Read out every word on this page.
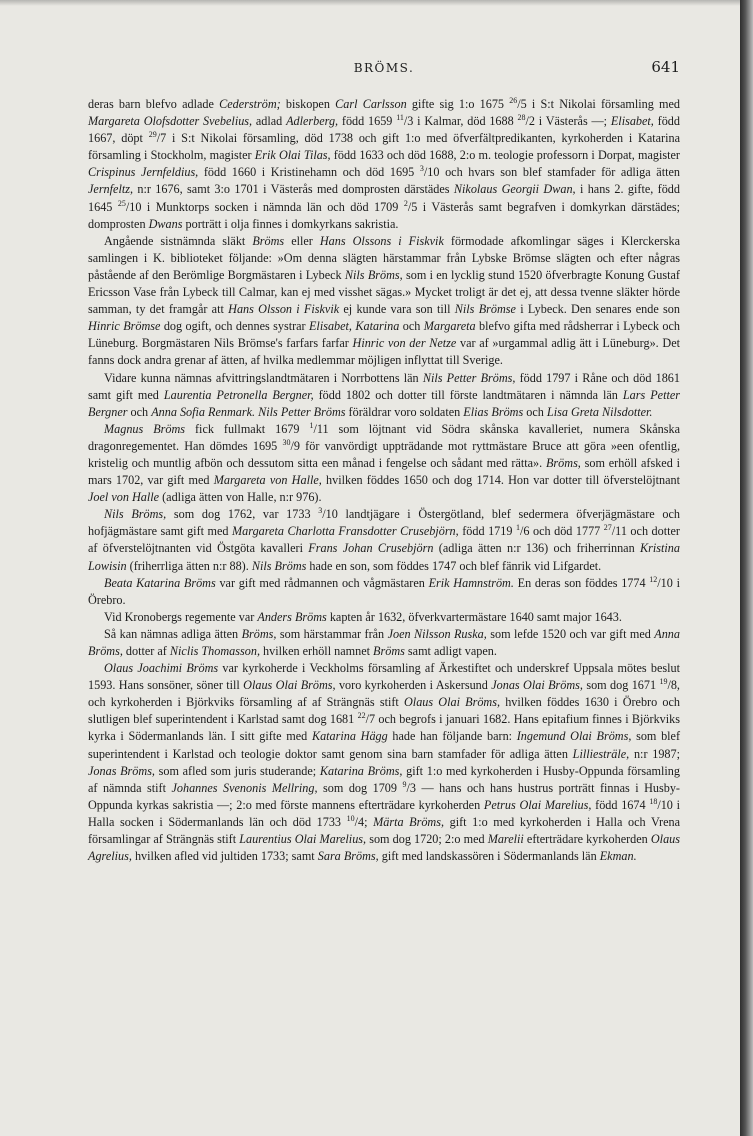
BRÖMS.	641

deras barn blefvo adlade Cederström; biskopen Carl Carlsson gifte sig 1:o 1675 $^{26}$/5 i S:t Nikolai församling med Margareta Olofsdotter Svebelius, adlad Adlerberg, född 1659 $^{11}$/3 i Kalmar, död 1688 $^{28}$/2 i Västerås —; Elisabet, född 1667, döpt $^{29}$/7 i S:t Nikolai församling, död 1738 och gift 1:o med öfverfältpredikanten, kyrkoherden i Katarina församling i Stockholm, magister Erik Olai Tilas, född 1633 och död 1688, 2:o m. teologie professorn i Dorpat, magister Crispinus Jernfeldius, född 1660 i Kristinehamn och död 1695 $^3$/10 och hvars son blef stamfader för adliga ätten Jernfeltz, n:r 1676, samt 3:o 1701 i Västerås med domprosten därstädes Nikolaus Georgii Dwan, i hans 2. gifte, född 1645 $^{25}$/10 i Munktorps socken i nämnda län och död 1709 $^2$/5 i Västerås samt begrafven i domkyrkan därstädes; domprosten Dwans porträtt i olja finnes i domkyrkans sakristia.

Angående sistnämnda släkt Bröms eller Hans Olssons i Fiskvik förmodade afkomlingar säges i Klerckerska samlingen i K. biblioteket följande: »Om denna slägten härstammar från Lybske Brömse slägten och efter någras påstående af den Berömlige Borgmästaren i Lybeck Nils Bröms, som i en lycklig stund 1520 öfverbragte Konung Gustaf Ericsson Vase från Lybeck till Calmar, kan ej med visshet sägas.» Mycket troligt är det ej, att dessa tvenne släkter hörde samman, ty det framgår att Hans Olsson i Fiskvik ej kunde vara son till Nils Brömse i Lybeck. Den senares ende son Hinric Brömse dog ogift, och dennes systrar Elisabet, Katarina och Margareta blefvo gifta med rådsherrar i Lybeck och Lüneburg. Borgmästaren Nils Brömse's farfars farfar Hinric von der Netze var af »urgammal adlig ätt i Lüneburg». Det fanns dock andra grenar af ätten, af hvilka medlemmar möjligen inflyttat till Sverige.

Vidare kunna nämnas afvittringslandtmätaren i Norrbottens län Nils Petter Bröms, född 1797 i Råne och död 1861 samt gift med Laurentia Petronella Bergner, född 1802 och dotter till förste landtmätaren i nämnda län Lars Petter Bergner och Anna Sofia Renmark. Nils Petter Bröms föräldrar voro soldaten Elias Bröms och Lisa Greta Nilsdotter.

Magnus Bröms fick fullmakt 1679 $^1$/11 som löjtnant vid Södra skånska kavalleriet, numera Skånska dragonregementet. Han dömdes 1695 $^{30}$/9 för vanvördigt uppträdande mot ryttmästare Bruce att göra »een ofentlig, kristelig och muntlig afbön och dessutom sitta een månad i fengelse och sådant med rätta». Bröms, som erhöll afsked i mars 1702, var gift med Margareta von Halle, hvilken föddes 1650 och dog 1714. Hon var dotter till öfverstelöjtnant Joel von Halle (adliga ätten von Halle, n:r 976).

Nils Bröms, som dog 1762, var 1733 $^3$/10 landtjägare i Östergötland, blef sedermera öfverjägmästare och hofjägmästare samt gift med Margareta Charlotta Fransdotter Crusebjörn, född 1719 $^1$/6 och död 1777 $^{27}$/11 och dotter af öfverstelöjtnanten vid Östgöta kavalleri Frans Johan Crusebjörn (adliga ätten n:r 136) och friherrinnan Kristina Lowisin (friherrliga ätten n:r 88). Nils Bröms hade en son, som föddes 1747 och blef fänrik vid Lifgardet.

Beata Katarina Bröms var gift med rådmannen och vågmästaren Erik Hamnström. En deras son föddes 1774 $^{12}$/10 i Örebro.

Vid Kronobergs regemente var Anders Bröms kapten år 1632, öfverkvartermästare 1640 samt major 1643.

Så kan nämnas adliga ätten Bröms, som härstammar från Joen Nilsson Ruska, som lefde 1520 och var gift med Anna Bröms, dotter af Niclis Thomasson, hvilken erhöll namnet Bröms samt adligt vapen.

Olaus Joachimi Bröms var kyrkoherde i Veckholms församling af Ärkestiftet och underskref Uppsala mötes beslut 1593. Hans sonsöner, söner till Olaus Olai Bröms, voro kyrkoherden i Askersund Jonas Olai Bröms, som dog 1671 $^{19}$/8, och kyrkoherden i Björkviks församling af af Strängnäs stift Olaus Olai Bröms, hvilken föddes 1630 i Örebro och slutligen blef superintendent i Karlstad samt dog 1681 $^{22}$/7 och begrofs i januari 1682. Hans epitafium finnes i Björkviks kyrka i Södermanlands län. I sitt gifte med Katarina Hägg hade han följande barn: Ingemund Olai Bröms, som blef superintendent i Karlstad och teologie doktor samt genom sina barn stamfader för adliga ätten Lilliesträle, n:r 1987; Jonas Bröms, som afled som juris studerande; Katarina Bröms, gift 1:o med kyrkoherden i Husby-Oppunda församling af nämnda stift Johannes Svenonis Mellring, som dog 1709 $^9$/3 — hans och hans hustrus porträtt finnas i Husby-Oppunda kyrkas sakristia —; 2:o med förste mannens efterträdare kyrkoherden Petrus Olai Marelius, född 1674 $^{18}$/10 i Halla socken i Södermanlands län och död 1733 $^{10}$/4; Märta Bröms, gift 1:o med kyrkoherden i Halla och Vrena församlingar af Strängnäs stift Laurentius Olai Marelius, som dog 1720; 2:o med Marelii efterträdare kyrkoherden Olaus Agrelius, hvilken afled vid jultiden 1733; samt Sara Bröms, gift med landskassören i Södermanlands län Ekman.
